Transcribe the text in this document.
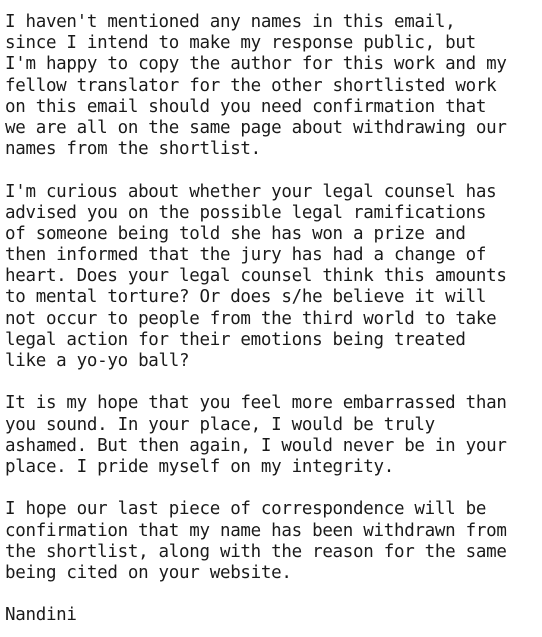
I haven't mentioned any names in this email,
since I intend to make my response public, but
I'm happy to copy the author for this work and my
fellow translator for the other shortlisted work
on this email should you need confirmation that
we are all on the same page about withdrawing our
names from the shortlist.
I'm curious about whether your legal counsel has
advised you on the possible legal ramifications
of someone being told she has won a prize and
then informed that the jury has had a change of
heart. Does your legal counsel think this amounts
to mental torture? Or does s/he believe it will
not occur to people from the third world to take
legal action for their emotions being treated
like a yo-yo ball?
It is my hope that you feel more embarrassed than
you sound. In your place, I would be truly
ashamed. But then again, I would never be in your
place. I pride myself on my integrity.
I hope our last piece of correspondence will be
confirmation that my name has been withdrawn from
the shortlist, along with the reason for the same
being cited on your website.
Nandini
